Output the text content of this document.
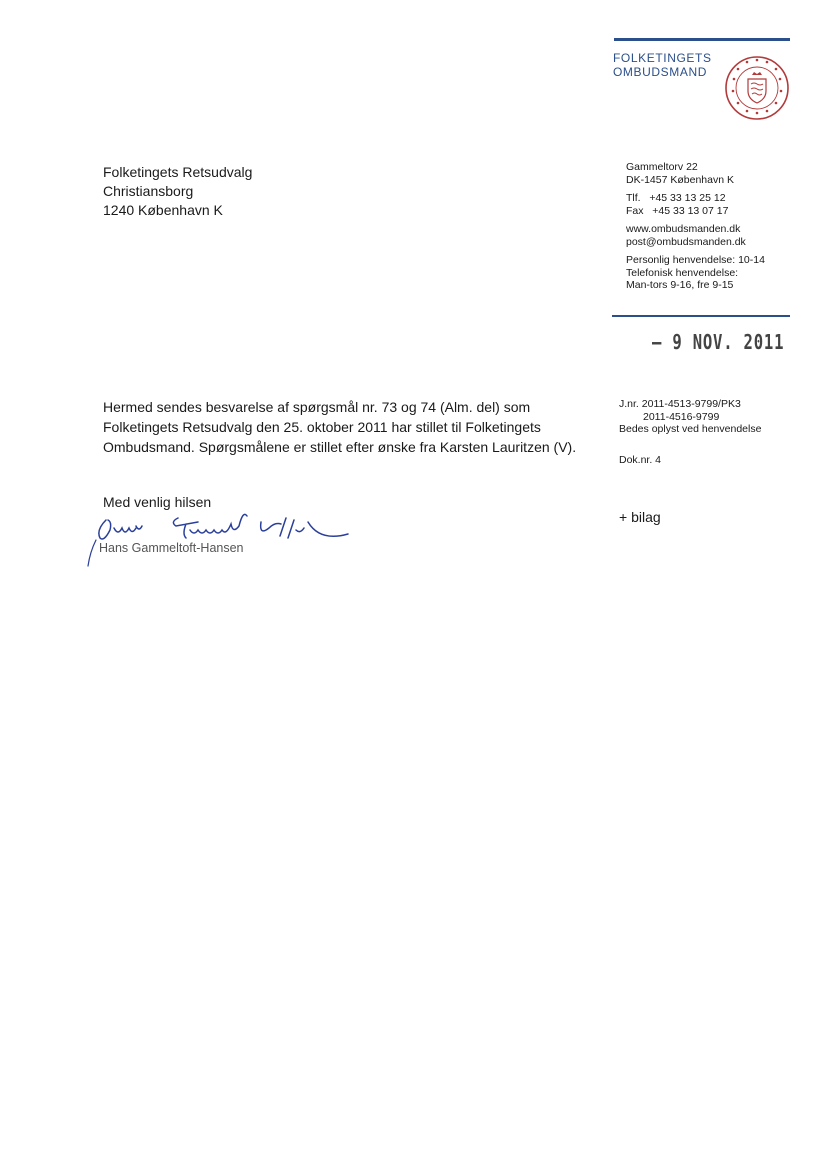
FOLKETINGETS
OMBUDSMAND
Folketingets Retsudvalg
Christiansborg
1240 København K
Gammeltorv 22
DK-1457 København K
Tlf.   +45 33 13 25 12
Fax   +45 33 13 07 17
www.ombudsmanden.dk
post@ombudsmanden.dk
Personlig henvendelse: 10-14
Telefonisk henvendelse:
Man-tors 9-16, fre 9-15
– 9 NOV. 2011
Hermed sendes besvarelse af spørgsmål nr. 73 og 74 (Alm. del) som Folketingets Retsudvalg den 25. oktober 2011 har stillet til Folketingets Ombudsmand. Spørgsmålene er stillet efter ønske fra Karsten Lauritzen (V).
J.nr. 2011-4513-9799/PK3
2011-4516-9799
Bedes oplyst ved henvendelse
Dok.nr. 4
+ bilag
Med venlig hilsen
Hans Gammeltoft-Hansen
